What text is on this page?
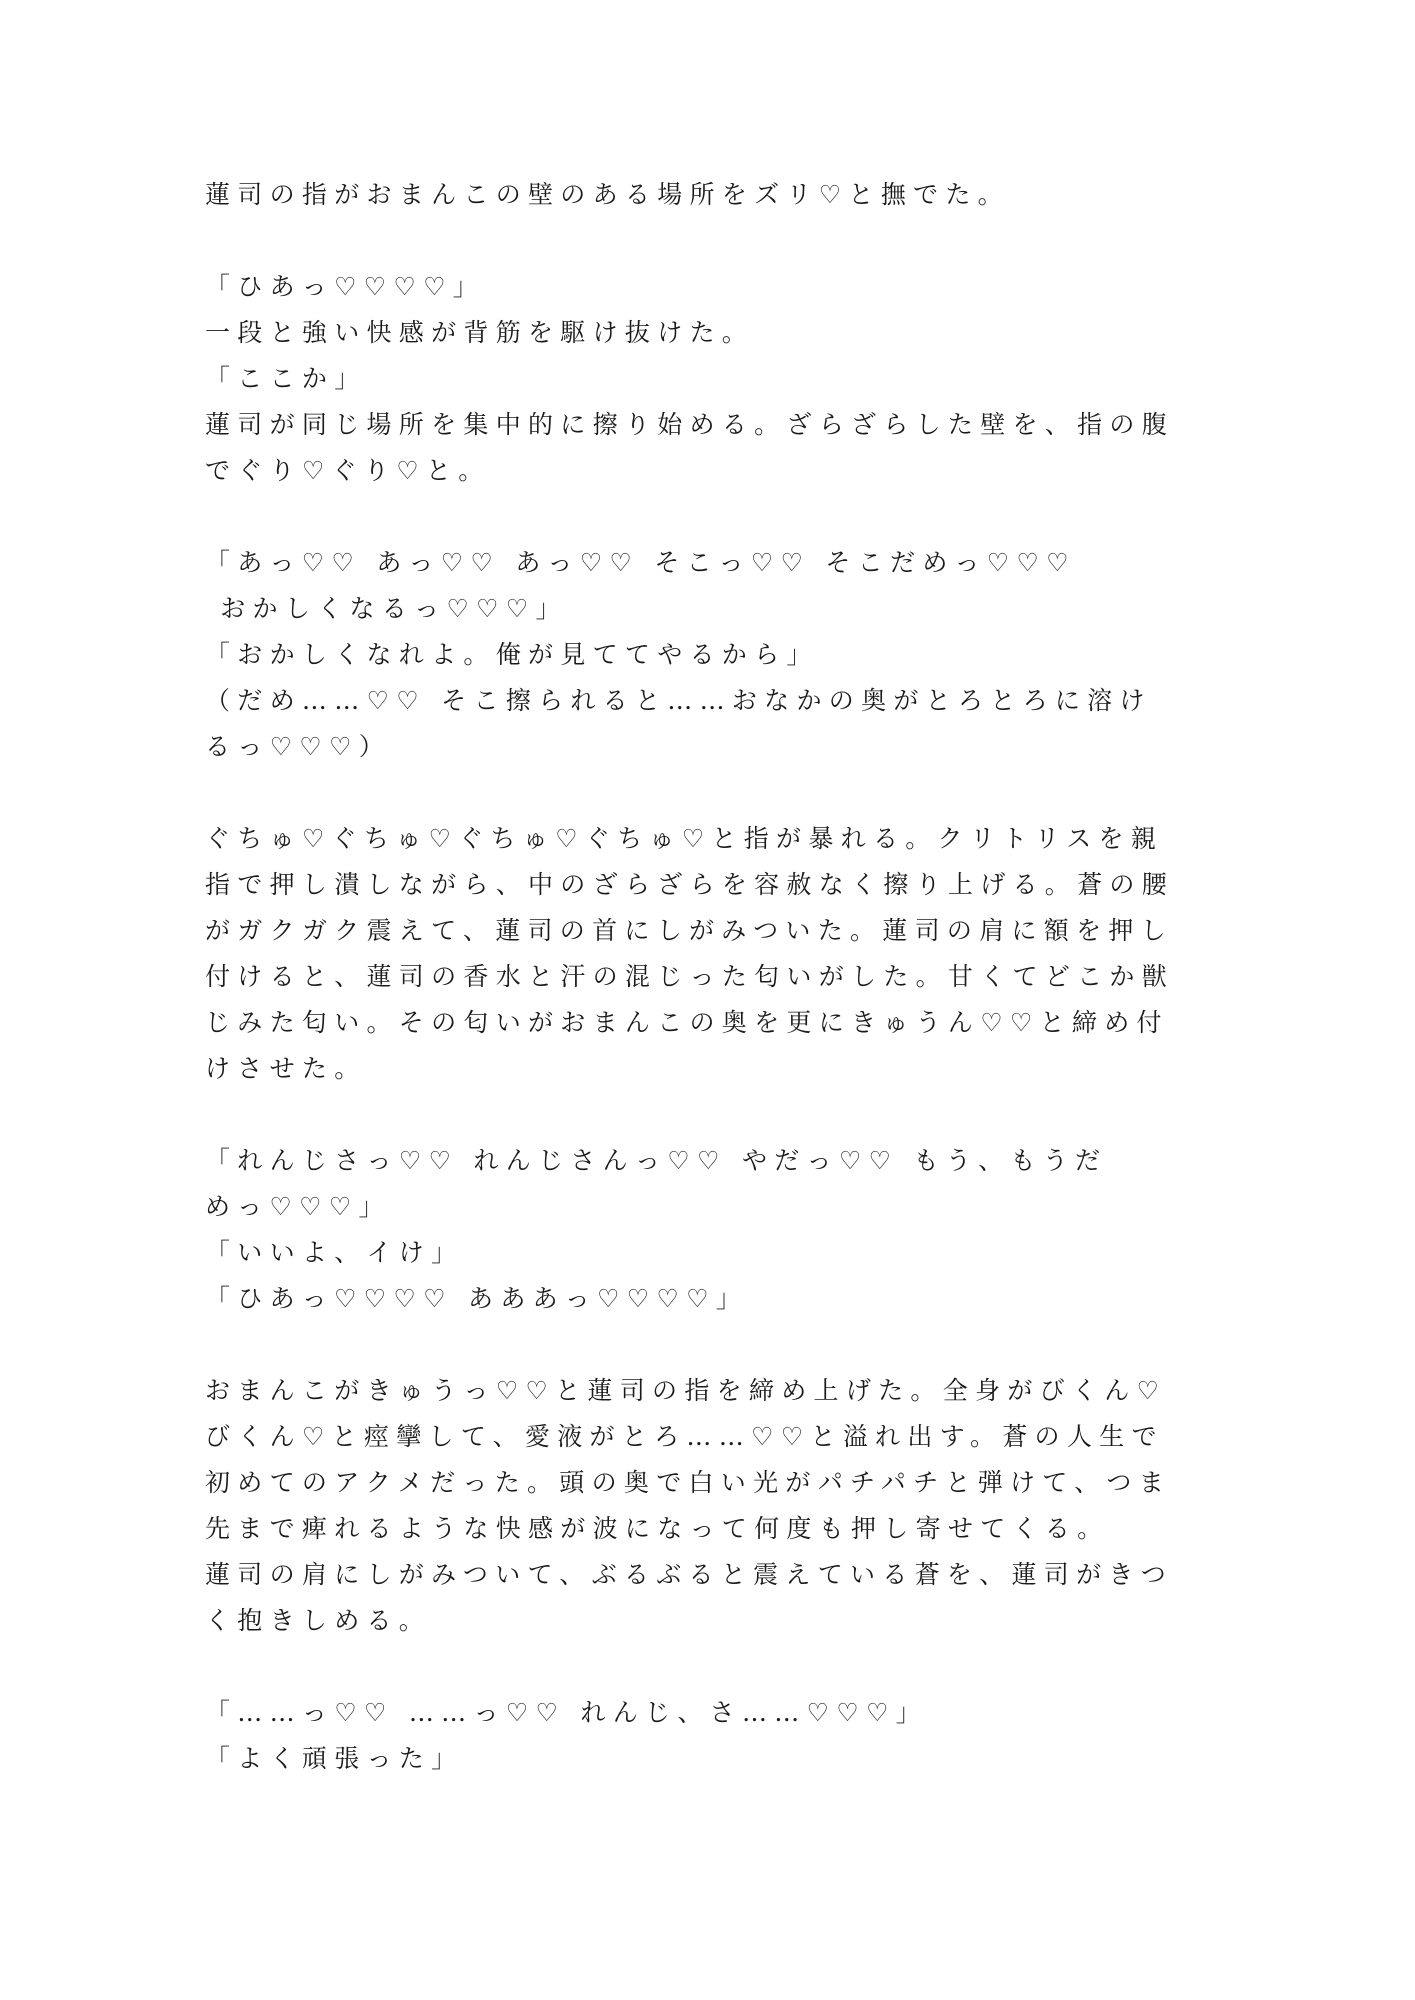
蓮司の指がおまんこの壁のある場所をズリ♡と撫でた。
「ひあっ♡♡♡♡」
一段と強い快感が背筋を駆け抜けた。
「ここか」
蓮司が同じ場所を集中的に擦り始める。ざらざらした壁を、指の腹
でぐり♡ぐり♡と。
「あっ♡♡ あっ♡♡ あっ♡♡ そこっ♡♡ そこだめっ♡♡♡
おかしくなるっ♡♡♡」
「おかしくなれよ。俺が見ててやるから」
（だめ……♡♡ そこ擦られると……おなかの奥がとろとろに溶け
るっ♡♡♡）
ぐちゅ♡ぐちゅ♡ぐちゅ♡ぐちゅ♡と指が暴れる。クリトリスを親
指で押し潰しながら、中のざらざらを容赦なく擦り上げる。蒼の腰
がガクガク震えて、蓮司の首にしがみついた。蓮司の肩に額を押し
付けると、蓮司の香水と汗の混じった匂いがした。甘くてどこか獣
じみた匂い。その匂いがおまんこの奥を更にきゅうん♡♡と締め付
けさせた。
「れんじさっ♡♡ れんじさんっ♡♡ やだっ♡♡ もう、もうだ
めっ♡♡♡」
「いいよ、イけ」
「ひあっ♡♡♡♡ あああっ♡♡♡♡」
おまんこがきゅうっ♡♡と蓮司の指を締め上げた。全身がびくん♡
びくん♡と痙攣して、愛液がとろ……♡♡と溢れ出す。蒼の人生で
初めてのアクメだった。頭の奥で白い光がパチパチと弾けて、つま
先まで痺れるような快感が波になって何度も押し寄せてくる。
蓮司の肩にしがみついて、ぶるぶると震えている蒼を、蓮司がきつ
く抱きしめる。
「……っ♡♡ ……っ♡♡ れんじ、さ……♡♡♡」
「よく頑張った」
